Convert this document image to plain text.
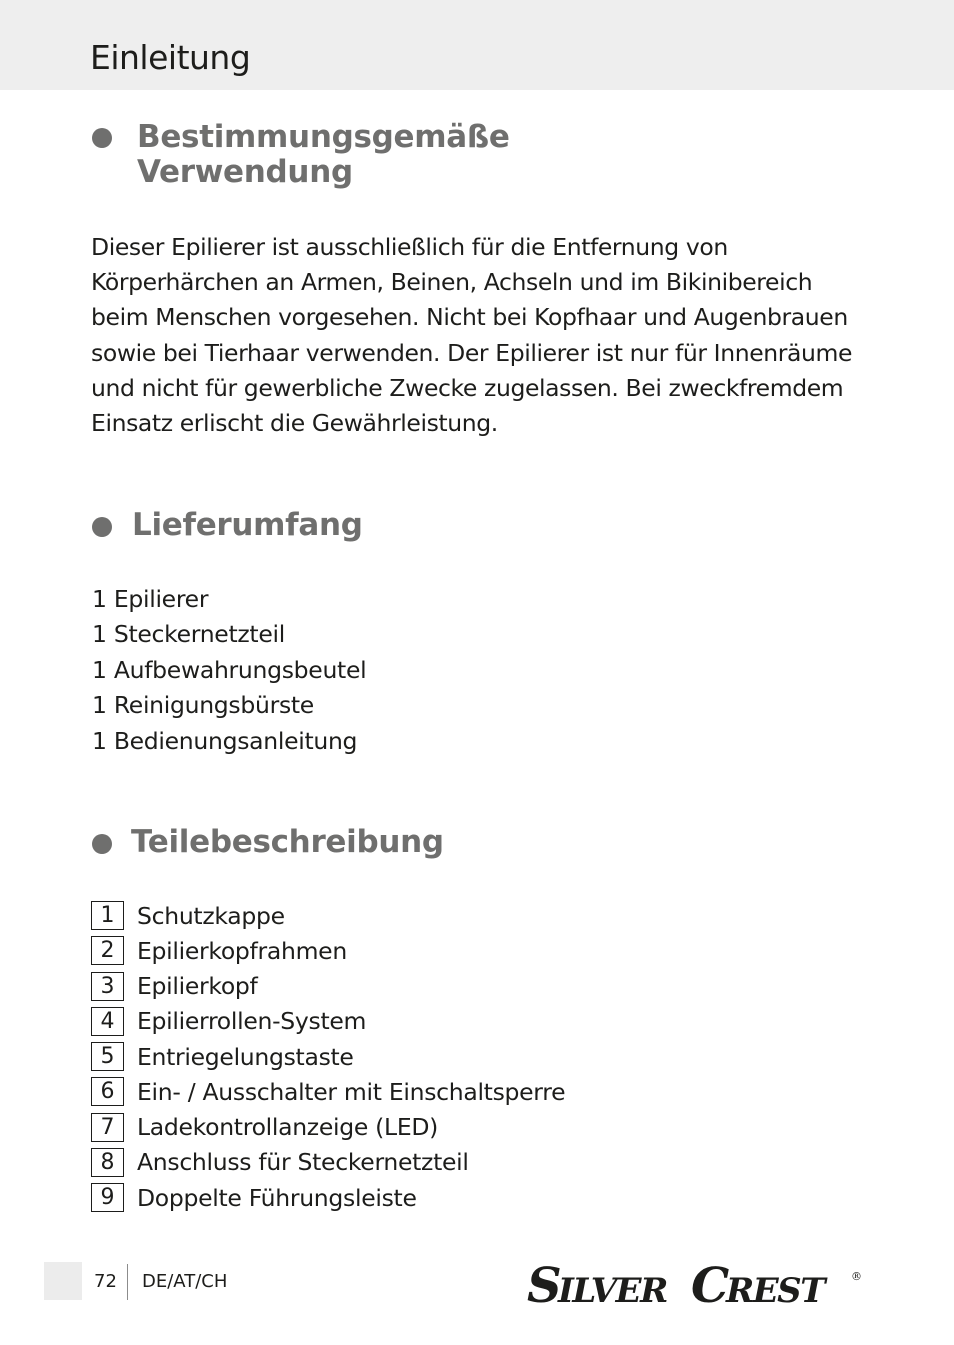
Einleitung
Bestimmungsgemäße
Verwendung

Dieser Epilierer ist ausschließlich für die Entfernung von Körperhärchen an Armen, Beinen, Achseln und im Bikinibereich beim Menschen vorgesehen. Nicht bei Kopfhaar und Augenbrauen sowie bei Tierhaar verwenden. Der Epilierer ist nur für Innenräume und nicht für gewerbliche Zwecke zugelassen. Bei zweckfremdem Einsatz erlischt die Gewährleistung.

Lieferumfang
1 Epilierer
1 Steckernetzteil
1 Aufbewahrungsbeutel
1 Reinigungsbürste
1 Bedienungsanleitung
Teilebeschreibung
1 Schutzkappe
2 Epilierkopfrahmen
3 Epilierkopf
4 Epilierrollen-System
5 Entriegelungstaste
6 Ein- / Ausschalter mit Einschaltsperre
7 Ladekontrollanzeige (LED)
8 Anschluss für Steckernetzteil
9 Doppelte Führungsleiste
72 DE/AT/CH	S
ILVER C
REST	®
